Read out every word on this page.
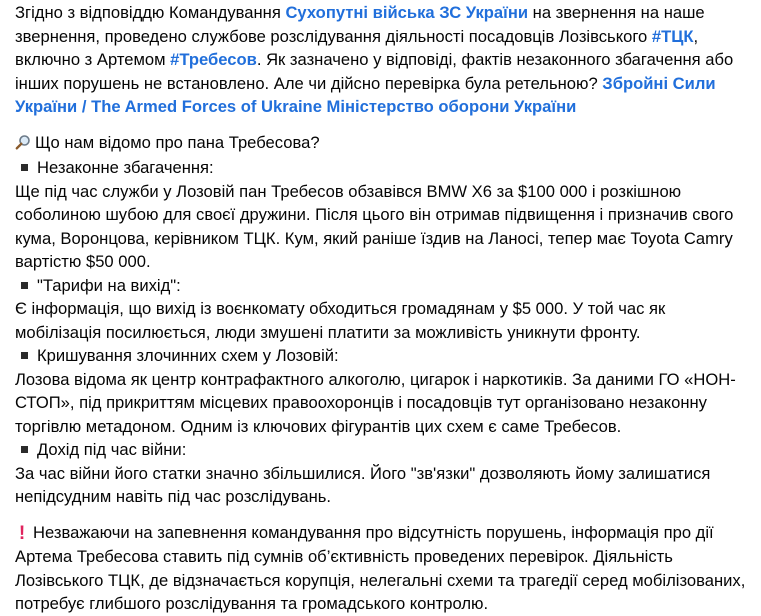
Згідно з відповіддю Командування Сухопутні війська ЗС України на звернення на наше звернення, проведено службове розслідування діяльності посадовців Лозівського #ТЦК, включно з Артемом #Требесов. Як зазначено у відповіді, фактів незаконного збагачення або інших порушень не встановлено. Але чи дійсно перевірка була ретельною? Збройні Сили України / The Armed Forces of Ukraine Міністерство оборони України

Що нам відомо про пана Требесова?

Незаконне збагачення:

Ще під час служби у Лозовій пан Требесов обзавівся BMW X6 за $100 000 і розкішною соболиною шубою для своєї дружини. Після цього він отримав підвищення і призначив свого кума, Воронцова, керівником ТЦК. Кум, який раніше їздив на Ланосі, тепер має Toyota Camry вартістю $50 000.

"Тарифи на вихід":

Є інформація, що вихід із воєнкомату обходиться громадянам у $5 000. У той час як мобілізація посилюється, люди змушені платити за можливість уникнути фронту.

Кришування злочинних схем у Лозовій:

Лозова відома як центр контрафактного алкоголю, цигарок і наркотиків. За даними ГО «НОН-СТОП», під прикриттям місцевих правоохоронців і посадовців тут організовано незаконну торгівлю метадоном. Одним із ключових фігурантів цих схем є саме Требесов.

Дохід під час війни:

За час війни його статки значно збільшилися. Його "зв'язки" дозволяють йому залишатися непідсудним навіть під час розслідувань.

! Незважаючи на запевнення командування про відсутність порушень, інформація про дії Артема Требесова ставить під сумнів об’єктивність проведених перевірок. Діяльність Лозівського ТЦК, де відзначається корупція, нелегальні схеми та трагедії серед мобілізованих, потребує глибшого розслідування та громадського контролю.
